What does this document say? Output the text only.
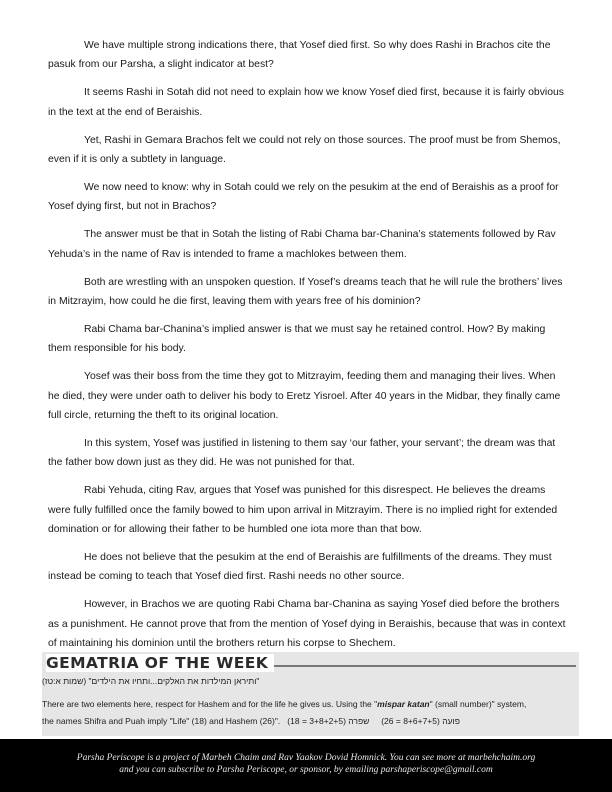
We have multiple strong indications there, that Yosef died first. So why does Rashi in Brachos cite the pasuk from our Parsha, a slight indicator at best?

It seems Rashi in Sotah did not need to explain how we know Yosef died first, because it is fairly obvious in the text at the end of Beraishis.

Yet, Rashi in Gemara Brachos felt we could not rely on those sources. The proof must be from Shemos, even if it is only a subtlety in language.

We now need to know: why in Sotah could we rely on the pesukim at the end of Beraishis as a proof for Yosef dying first, but not in Brachos?

The answer must be that in Sotah the listing of Rabi Chama bar-Chanina’s statements followed by Rav Yehuda’s in the name of Rav is intended to frame a machlokes between them.

Both are wrestling with an unspoken question. If Yosef’s dreams teach that he will rule the brothers’ lives in Mitzrayim, how could he die first, leaving them with years free of his dominion?

Rabi Chama bar-Chanina’s implied answer is that we must say he retained control. How? By making them responsible for his body.

Yosef was their boss from the time they got to Mitzrayim, feeding them and managing their lives. When he died, they were under oath to deliver his body to Eretz Yisroel. After 40 years in the Midbar, they finally came full circle, returning the theft to its original location.

In this system, Yosef was justified in listening to them say ‘our father, your servant’; the dream was that the father bow down just as they did. He was not punished for that.

Rabi Yehuda, citing Rav, argues that Yosef was punished for this disrespect. He believes the dreams were fully fulfilled once the family bowed to him upon arrival in Mitzrayim. There is no implied right for extended domination or for allowing their father to be humbled one iota more than that bow.

He does not believe that the pesukim at the end of Beraishis are fulfillments of the dreams. They must instead be coming to teach that Yosef died first. Rashi needs no other source.

However, in Brachos we are quoting Rabi Chama bar-Chanina as saying Yosef died before the brothers as a punishment. He cannot prove that from the mention of Yosef dying in Beraishis, because that was in context of maintaining his dominion until the brothers return his corpse to Shechem.

GEMATRIA OF THE WEEK
"ותיראן המילדות את האלקים...ותחיו את הילדים" (שמות א:טז)
There are two elements here, respect for Hashem and for the life he gives us. Using the "mispar katan" (small number)" system,
the names Shifra and Puah imply "Life" (18) and Hashem (26)". שפרה (3+8+2+5 = 18) פועה (8+6+7+5 = 26)
Parsha Periscope is a project of Marbeh Chaim and Rav Yaakov Dovid Homnick. You can see more at marbehchaim.org
and you can subscribe to Parsha Periscope, or sponsor, by emailing parshaperiscope@gmail.com
